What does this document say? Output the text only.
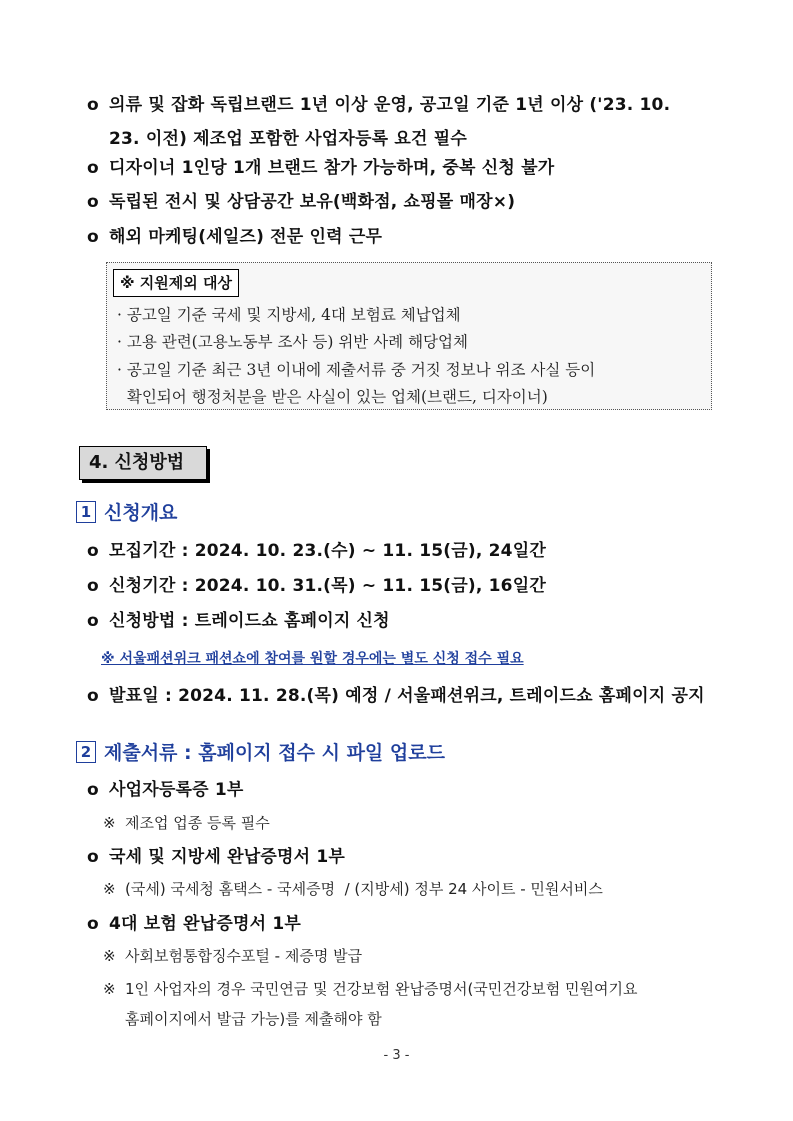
o 의류 및 잡화 독립브랜드 1년 이상 운영, 공고일 기준 1년 이상 ('23. 10.
23. 이전) 제조업 포함한 사업자등록 요건 필수
o 디자이너 1인당 1개 브랜드 참가 가능하며, 중복 신청 불가
o 독립된 전시 및 상담공간 보유(백화점, 쇼핑몰 매장×)
o 해외 마케팅(세일즈) 전문 인력 근무
※ 지원제외 대상
· 공고일 기준 국세 및 지방세, 4대 보험료 체납업체
· 고용 관련(고용노동부 조사 등) 위반 사례 해당업체
· 공고일 기준 최근 3년 이내에 제출서류 중 거짓 정보나 위조 사실 등이
확인되어 행정처분을 받은 사실이 있는 업체(브랜드, 디자이너)
4. 신청방법
1 신청개요
o 모집기간 : 2024. 10. 23.(수) ~ 11. 15(금), 24일간
o 신청기간 : 2024. 10. 31.(목) ~ 11. 15(금), 16일간
o 신청방법 : 트레이드쇼 홈페이지 신청
※ 서울패션위크 패션쇼에 참여를 원할 경우에는 별도 신청 접수 필요
o 발표일 : 2024. 11. 28.(목) 예정 / 서울패션위크, 트레이드쇼 홈페이지 공지
2 제출서류 : 홈페이지 접수 시 파일 업로드
o 사업자등록증 1부
※ 제조업 업종 등록 필수
o 국세 및 지방세 완납증명서 1부
※ (국세) 국세청 홈택스 - 국세증명  / (지방세) 정부 24 사이트 - 민원서비스
o 4대 보험 완납증명서 1부
※ 사회보험통합징수포털 - 제증명 발급
※ 1인 사업자의 경우 국민연금 및 건강보험 완납증명서(국민건강보험 민원여기요
홈페이지에서 발급 가능)를 제출해야 함
- 3 -
